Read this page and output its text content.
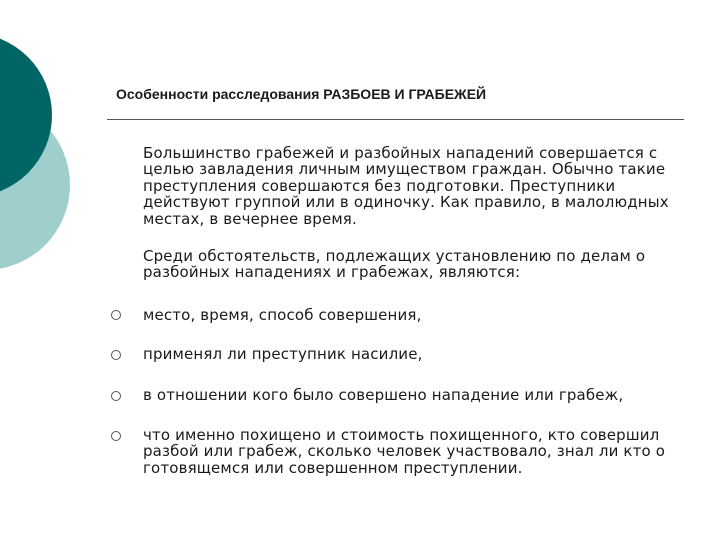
Особенности расследования РАЗБОЕВ И ГРАБЕЖЕЙ

Большинство грабежей и разбойных нападений совершается с целью завладения личным имуществом граждан. Обычно такие преступления совершаются без подготовки. Преступники действуют группой или в одиночку. Как правило, в малолюдных местах, в вечернее время.

Среди обстоятельств, подлежащих установлению по делам о разбойных нападениях и грабежах, являются:

место, время, способ совершения,
применял ли преступник насилие,
в отношении кого было совершено нападение или грабеж,
что именно похищено и стоимость похищенного, кто совершил разбой или грабеж, сколько человек участвовало, знал ли кто о готовящемся или совершенном преступлении.
